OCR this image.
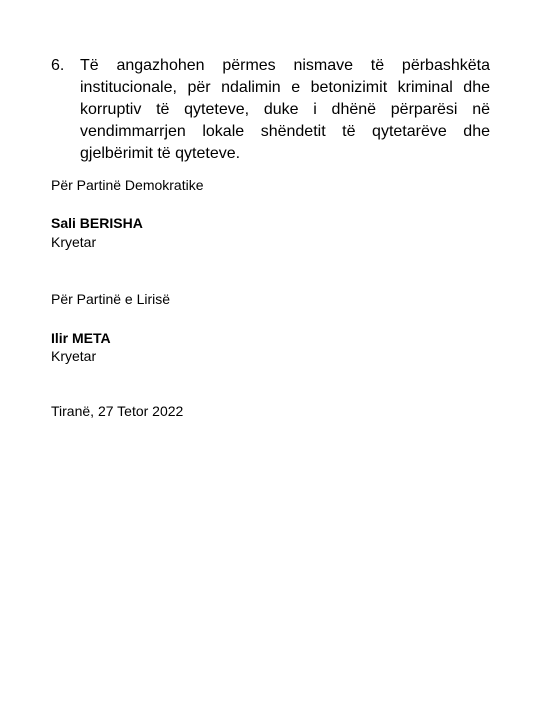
6. Të angazhohen përmes nismave të përbashkëta institucionale, për ndalimin e betonizimit kriminal dhe korruptiv të qyteteve, duke i dhënë përparësi në vendimmarrjen lokale shëndetit të qytetarëve dhe gjelbërimit të qyteteve.
Për Partinë Demokratike
Sali BERISHA
Kryetar
Për Partinë e Lirisë
Ilir META
Kryetar
Tiranë, 27 Tetor 2022
